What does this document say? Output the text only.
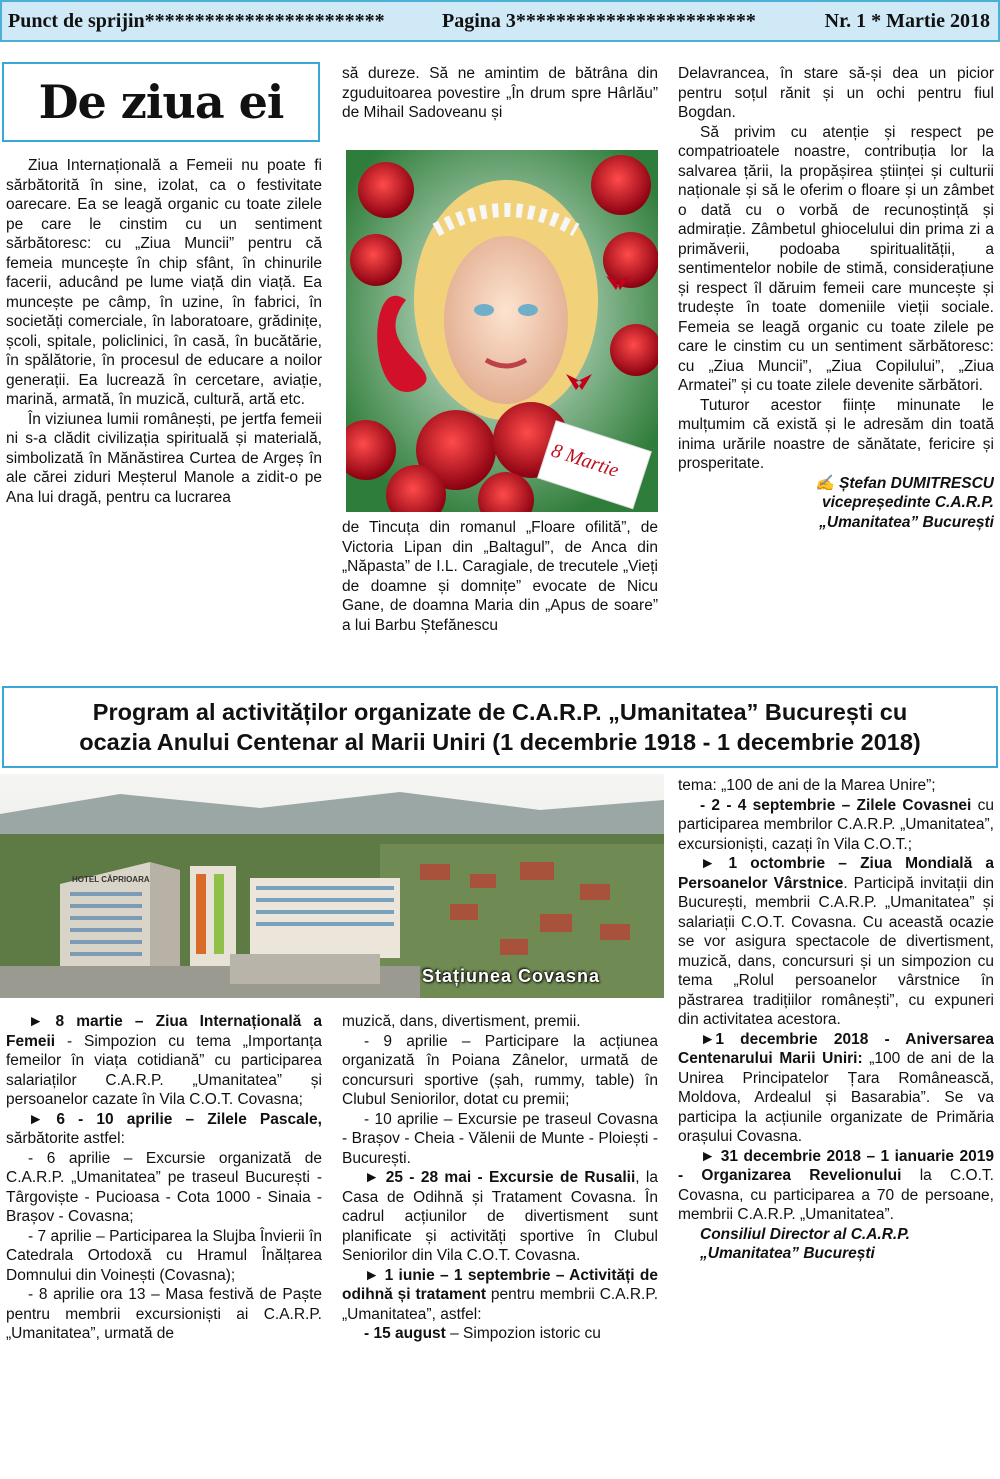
Punct de sprijin************************	Pagina 3************************	Nr. 1 * Martie 2018
De ziua ei

Ziua Internațională a Femeii nu poate fi sărbătorită în sine, izolat, ca o festivitate oarecare. Ea se leagă organic cu toate zilele pe care le cinstim cu un sentiment sărbătoresc: cu „Ziua Muncii” pentru că femeia muncește în chip sfânt, în chinurile facerii, aducând pe lume viață din viață. Ea muncește pe câmp, în uzine, în fabrici, în societăți comerciale, în laboratoare, grădinițe, școli, spitale, policlinici, în casă, în bucătărie, în spălătorie, în procesul de educare a noilor generații. Ea lucrează în cercetare, aviație, marină, armată, în muzică, cultură, artă etc.

În viziunea lumii românești, pe jertfa femeii ni s-a clădit civilizația spirituală și materială, simbolizată în Mănăstirea Curtea de Argeș în ale cărei ziduri Meșterul Manole a zidit-o pe Ana lui dragă, pentru ca lucrarea

să dureze. Să ne amintim de bătrâna din zguduitoarea povestire „În drum spre Hârlău” de Mihail Sadoveanu și

8 Martie

de Tincuța din romanul „Floare ofilită”, de Victoria Lipan din „Baltagul”, de Anca din „Năpasta” de I.L. Caragiale, de trecutele „Vieți de doamne și domnițe” evocate de Nicu Gane, de doamna Maria din „Apus de soare” a lui Barbu Ștefănescu

Delavrancea, în stare să-și dea un picior pentru soțul rănit și un ochi pentru fiul Bogdan.

Să privim cu atenție și respect pe compatrioatele noastre, contribuția lor la salvarea țării, la propășirea științei și culturii naționale și să le oferim o floare și un zâmbet o dată cu o vorbă de recunoștință și admirație. Zâmbetul ghiocelului din prima zi a primăverii, podoaba spiritualității, a sentimentelor nobile de stimă, considerațiune și respect îl dăruim femeii care muncește și trudește în toate domeniile vieții sociale. Femeia se leagă organic cu toate zilele pe care le cinstim cu un sentiment sărbătoresc: cu „Ziua Muncii”, „Ziua Copilului”, „Ziua Armatei” și cu toate zilele devenite sărbători.

Tuturor acestor ființe minunate le mulțumim că există și le adresăm din toată inima urările noastre de sănătate, fericire și prosperitate.

✍ Ștefan DUMITRESCU

vicepreședinte C.A.R.P.

„Umanitatea” București

Program al activităților organizate de C.A.R.P. „Umanitatea” București cu
ocazia Anului Centenar al Marii Uniri (1 decembrie 1918 - 1 decembrie 2018)
HOTEL CĂPRIOARA
Stațiunea Covasna

► 8 martie – Ziua Internațională a Femeii - Simpozion cu tema „Importanța femeilor în viața cotidiană” cu participarea salariaților C.A.R.P. „Umanitatea” și persoanelor cazate în Vila C.O.T. Covasna;

► 6 - 10 aprilie – Zilele Pascale, sărbătorite astfel:

- 6 aprilie – Excursie organizată de C.A.R.P. „Umanitatea” pe traseul București - Târgoviște - Pucioasa - Cota 1000 - Sinaia - Brașov - Covasna;

- 7 aprilie – Participarea la Slujba Învierii în Catedrala Ortodoxă cu Hramul Înălțarea Domnului din Voinești (Covasna);

- 8 aprilie ora 13 – Masa festivă de Paște pentru membrii excursioniști ai C.A.R.P. „Umanitatea”, urmată de

muzică, dans, divertisment, premii.

- 9 aprilie – Participare la acțiunea organizată în Poiana Zânelor, urmată de concursuri sportive (șah, rummy, table) în Clubul Seniorilor, dotat cu premii;

- 10 aprilie – Excursie pe traseul Covasna - Brașov - Cheia - Vălenii de Munte - Ploiești - București.

► 25 - 28 mai - Excursie de Rusalii, la Casa de Odihnă și Tratament Covasna. În cadrul acțiunilor de divertisment sunt planificate și activități sportive în Clubul Seniorilor din Vila C.O.T. Covasna.

► 1 iunie – 1 septembrie – Activități de odihnă și tratament pentru membrii C.A.R.P. „Umanitatea”, astfel:

- 15 august – Simpozion istoric cu

tema: „100 de ani de la Marea Unire”;

- 2 - 4 septembrie – Zilele Covasnei cu participarea membrilor C.A.R.P. „Umanitatea”, excursioniști, cazați în Vila C.O.T.;

► 1 octombrie – Ziua Mondială a Persoanelor Vârstnice. Participă invitații din București, membrii C.A.R.P. „Umanitatea” și salariații C.O.T. Covasna. Cu această ocazie se vor asigura spectacole de divertisment, muzică, dans, concursuri și un simpozion cu tema „Rolul persoanelor vârstnice în păstrarea tradițiilor românești”, cu expuneri din activitatea acestora.

►1 decembrie 2018 - Aniversarea Centenarului Marii Uniri: „100 de ani de la Unirea Principatelor Țara Românească, Moldova, Ardealul și Basarabia”. Se va participa la acțiunile organizate de Primăria orașului Covasna.

► 31 decembrie 2018 – 1 ianuarie 2019 - Organizarea Revelionului la C.O.T. Covasna, cu participarea a 70 de persoane, membrii C.A.R.P. „Umanitatea”.

Consiliul Director al C.A.R.P.

„Umanitatea” București
